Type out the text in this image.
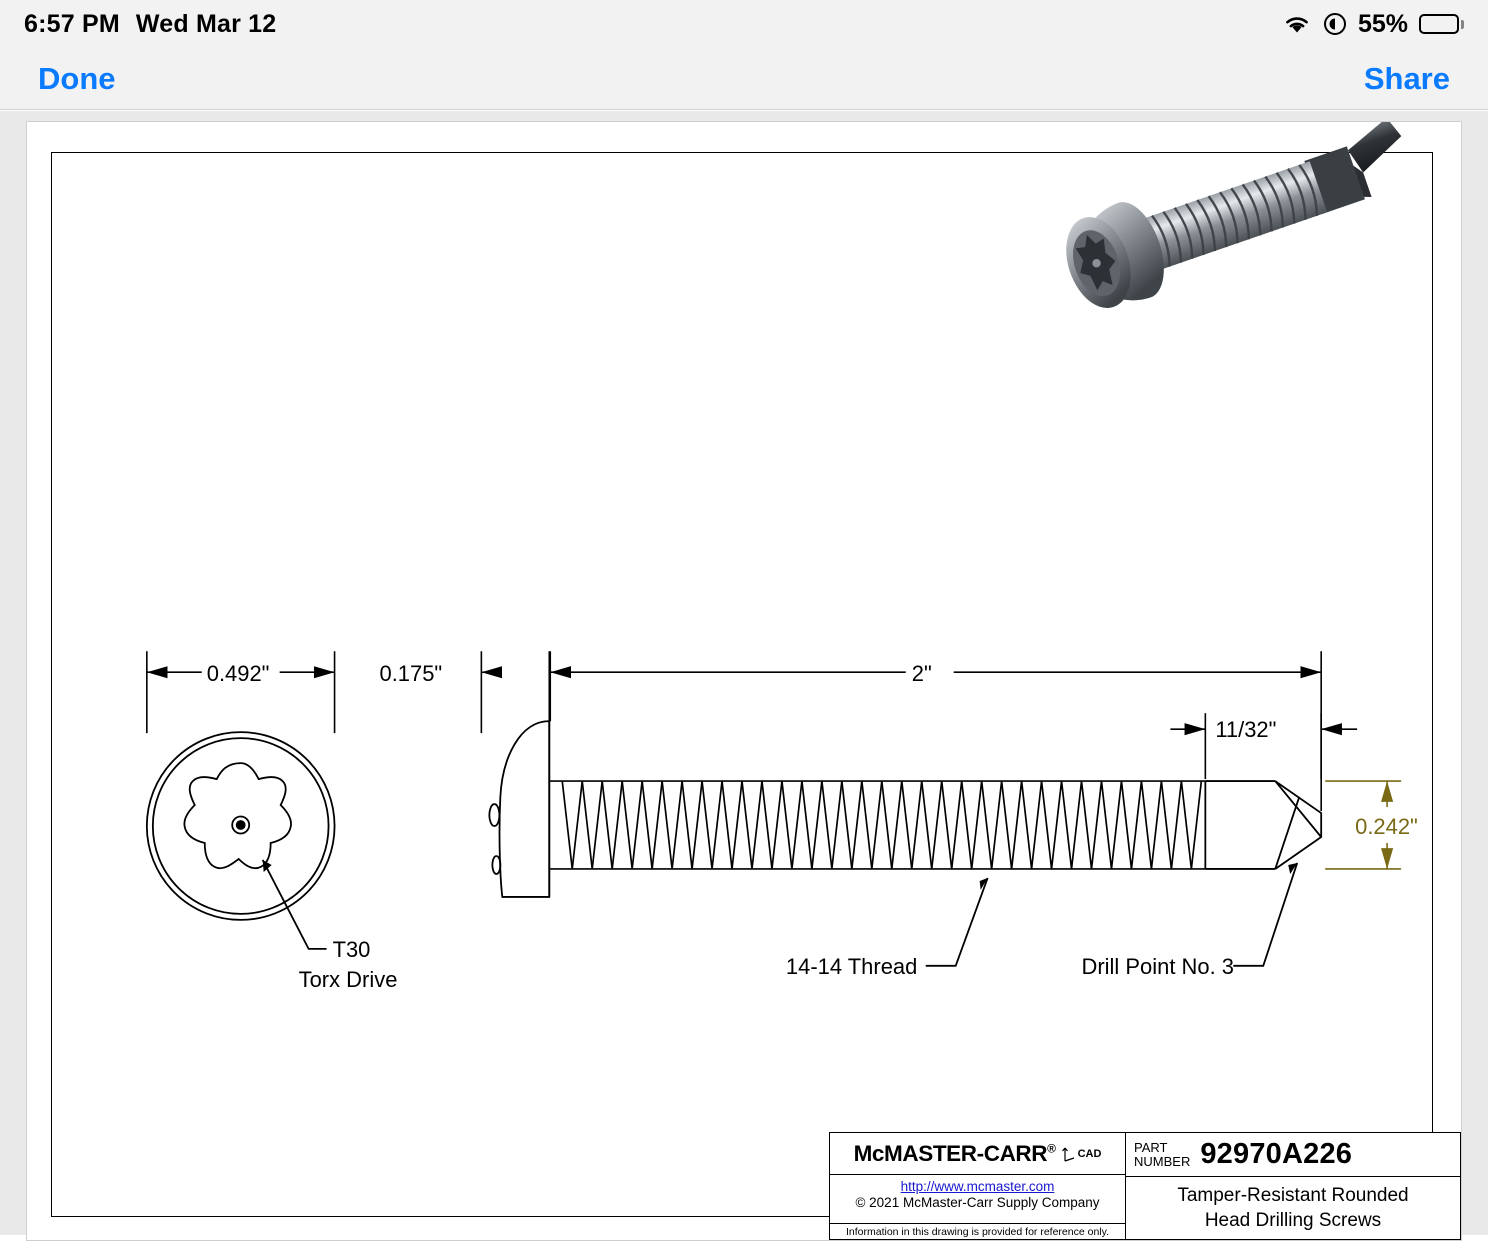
6:57 PM Wed Mar 12	55%
Done	Share
T30
Torx Drive
0.492"	0.175"	2"
11/32"
0.242"
14-14 Thread	Drill Point No. 3
McMASTER-CARR® CAD
http://www.mcmaster.com
© 2021 McMaster-Carr Supply Company
Information in this drawing is provided for reference only.
PART
NUMBER 92970A226
Tamper-Resistant Rounded
Head Drilling Screws
